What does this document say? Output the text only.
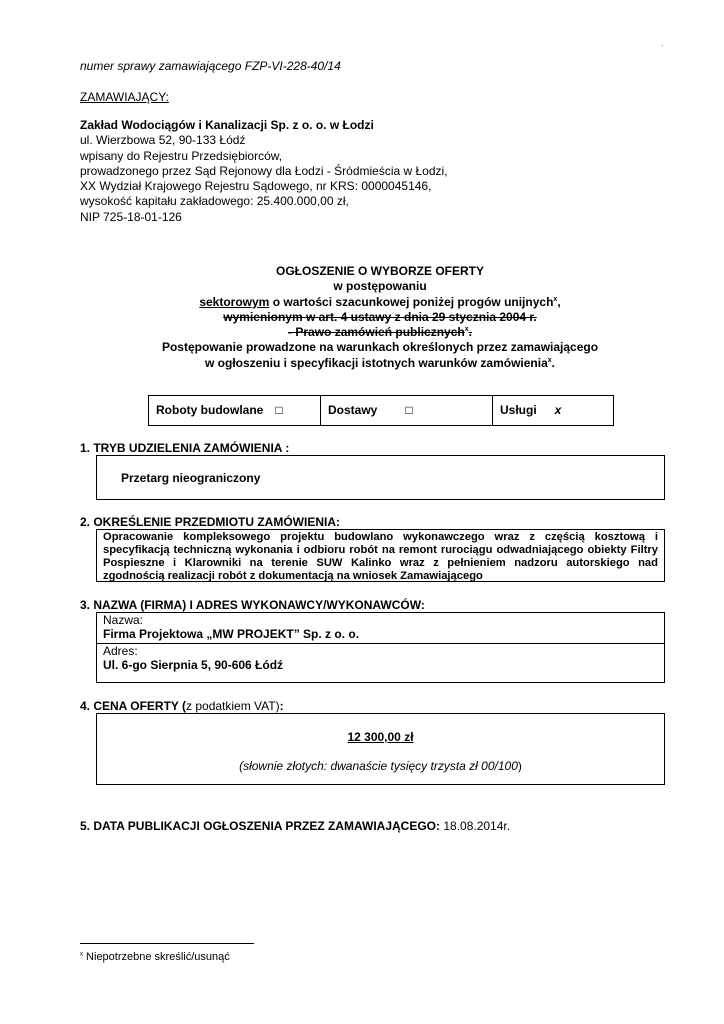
.
numer sprawy zamawiającego FZP-VI-228-40/14
ZAMAWIAJĄCY:
Zakład Wodociągów i Kanalizacji Sp. z o. o. w Łodzi
ul. Wierzbowa 52, 90-133 Łódź
wpisany do Rejestru Przedsiębiorców,
prowadzonego przez Sąd Rejonowy dla Łodzi - Śródmieścia w Łodzi,
XX Wydział Krajowego Rejestru Sądowego, nr KRS: 0000045146,
wysokość kapitału zakładowego: 25.400.000,00 zł,
NIP 725-18-01-126
OGŁOSZENIE O WYBORZE OFERTY
w postępowaniu
sektorowym o wartości szacunkowej poniżej progów unijnych$^x$,
wymienionym w art. 4 ustawy z dnia 29 stycznia 2004 r.
- Prawo zamówień publicznych$^x$.
Postępowanie prowadzone na warunkach określonych przez zamawiającego
w ogłoszeniu i specyfikacji istotnych warunków zamówienia$^x$.
Roboty budowlane □	Dostawy □	Usługi x
1. TRYB UDZIELENIA ZAMÓWIENIA :
Przetarg nieograniczony
2. OKREŚLENIE PRZEDMIOTU ZAMÓWIENIA:
Opracowanie kompleksowego projektu budowlano wykonawczego wraz z częścią kosztową i specyfikacją techniczną wykonania i odbioru robót na remont rurociągu odwadniającego obiekty Filtry Pospieszne i Klarowniki na terenie SUW Kalinko wraz z pełnieniem nadzoru autorskiego nad zgodnością realizacji robót z dokumentacją na wniosek Zamawiającego
3. NAZWA (FIRMA) I ADRES WYKONAWCY/WYKONAWCÓW:
Nazwa:
Firma Projektowa „MW PROJEKT” Sp. z o. o.
Adres:
Ul. 6-go Sierpnia 5, 90-606 Łódź
4. CENA OFERTY (z podatkiem VAT):
12 300,00 zł
(słownie złotych: dwanaście tysięcy trzysta zł 00/100)
5. DATA PUBLIKACJI OGŁOSZENIA PRZEZ ZAMAWIAJĄCEGO: 18.08.2014r.
$^x$ Niepotrzebne skreślić/usunąć
